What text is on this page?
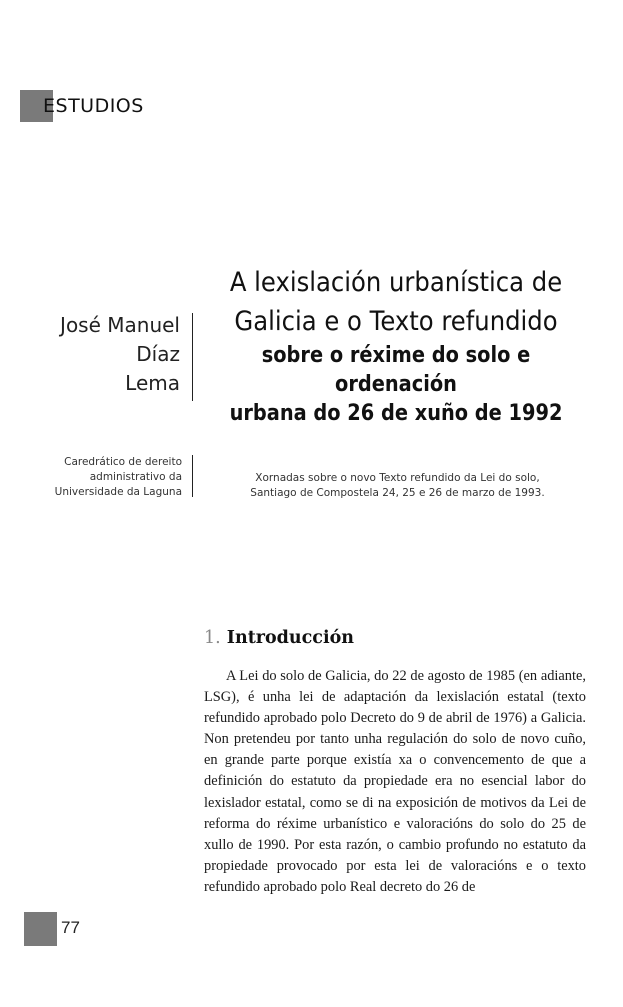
ESTUDIOS
A lexislación urbanística de
Galicia e o Texto refundido
sobre o réxime do solo e ordenación
urbana do 26 de xuño de 1992
José Manuel
Díaz
Lema
Caredrático de dereito
administrativo da
Universidade da Laguna
Xornadas sobre o novo Texto refundido da Lei do solo,
Santiago de Compostela 24, 25 e 26 de marzo de 1993.
1. Introducción

A Lei do solo de Galicia, do 22 de agosto de 1985 (en adiante, LSG), é unha lei de adaptación da lexislación estatal (texto refundido aprobado polo Decreto do 9 de abril de 1976) a Galicia. Non pretendeu por tanto unha regulación do solo de novo cuño, en grande parte porque existía xa o convencemento de que a definición do estatuto da propiedade era no esencial labor do lexislador estatal, como se di na exposición de motivos da Lei de reforma do réxime urbanístico e valoracións do solo do 25 de xullo de 1990. Por esta razón, o cambio profundo no estatuto da propiedade provocado por esta lei de valoracións e o texto refundido aprobado polo Real decreto do 26 de

77
